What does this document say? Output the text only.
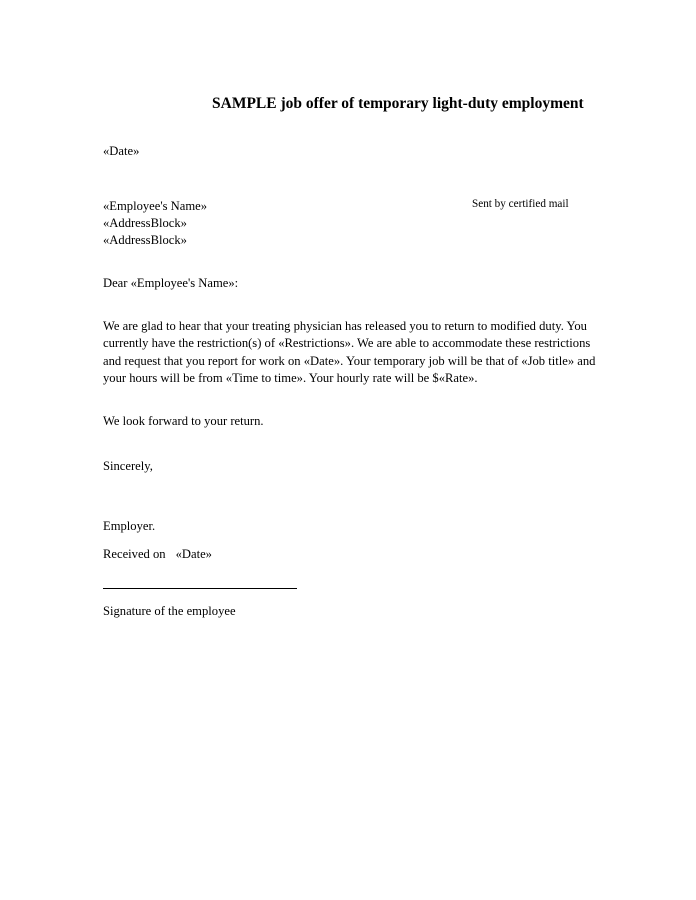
SAMPLE job offer of temporary light-duty employment

«Date»

«Employee's Name»

«AddressBlock»

«AddressBlock»

Sent by certified mail

Dear «Employee's Name»:

We are glad to hear that your treating physician has released you to return to modified duty. You
currently have the restriction(s) of «Restrictions». We are able to accommodate these restrictions
and request that you report for work on «Date». Your temporary job will be that of «Job title» and
your hours will be from «Time to time». Your hourly rate will be $«Rate».

We look forward to your return.

Sincerely,

Employer.

Received on «Date»

Signature of the employee
